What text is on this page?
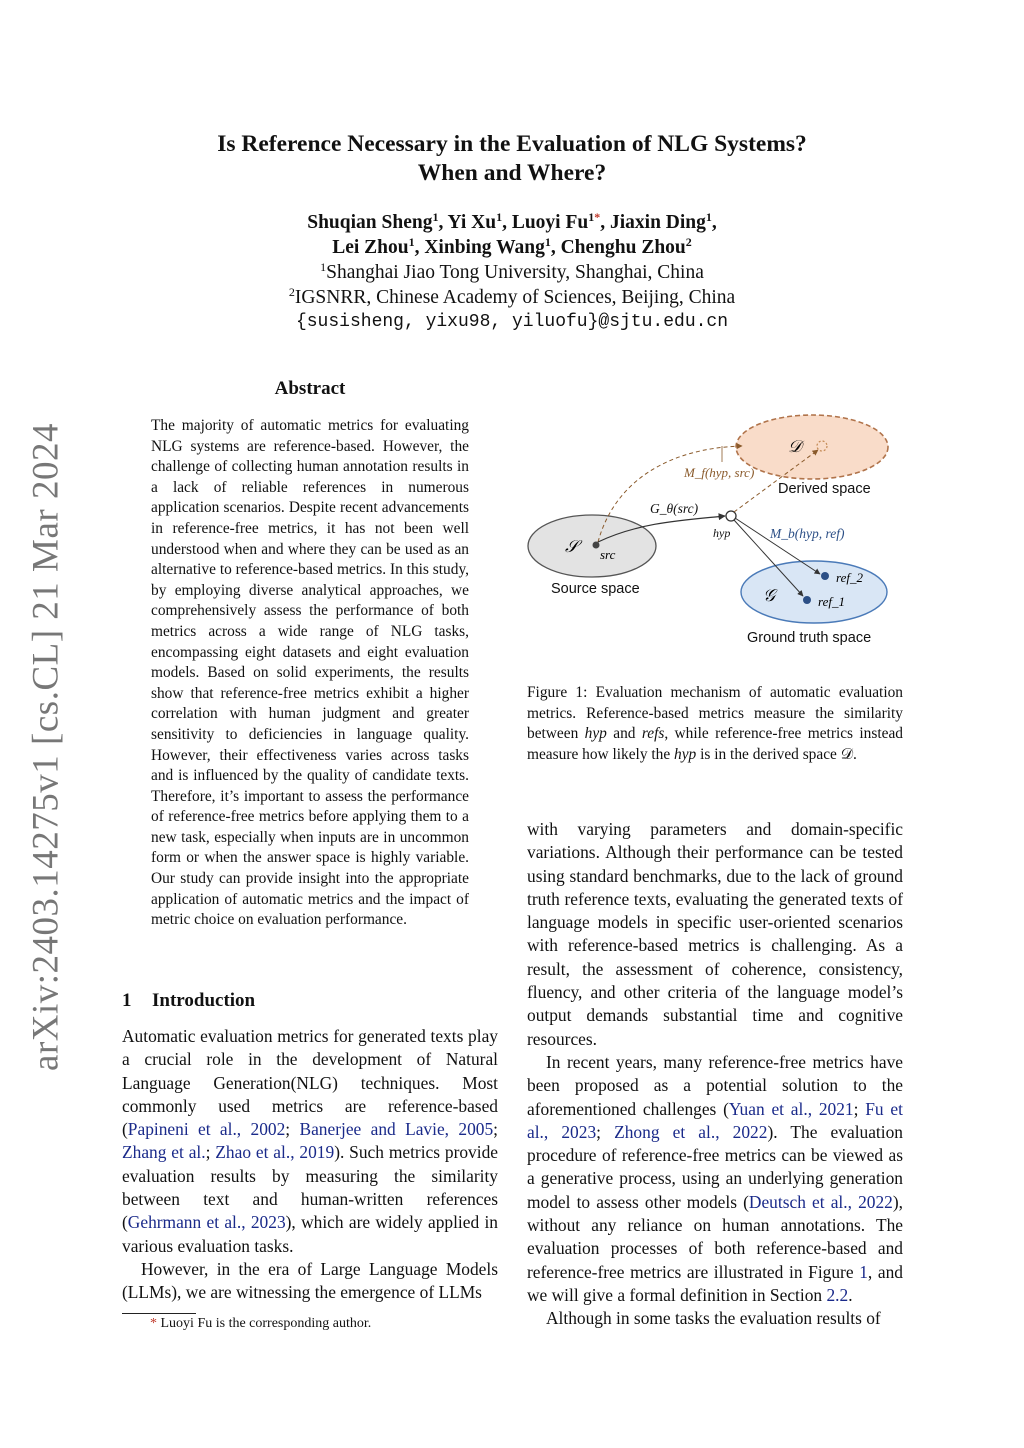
arXiv:2403.14275v1 [cs.CL] 21 Mar 2024
Is Reference Necessary in the Evaluation of NLG Systems?
When and Where?
Shuqian Sheng$^1$, Yi Xu$^1$, Luoyi $Fu^{1*}$, Jiaxin Ding$^1$,
Lei Zhou$^1$, Xinbing Wang$^1$, Chenghu Zhou$^2$
$^1$Shanghai Jiao Tong University, Shanghai, China
$^2$IGSNRR, Chinese Academy of Sciences, Beijing, China
{susisheng, yixu98, yiluofu}@sjtu.edu.cn
Abstract
The majority of automatic metrics for evaluating NLG systems are reference-based. However, the challenge of collecting human annotation results in a lack of reliable references in numerous application scenarios. Despite recent advancements in reference-free metrics, it has not been well understood when and where they can be used as an alternative to reference-based metrics. In this study, by employing diverse analytical approaches, we comprehensively assess the performance of both metrics across a wide range of NLG tasks, encompassing eight datasets and eight evaluation models. Based on solid experiments, the results show that reference-free metrics exhibit a higher correlation with human judgment and greater sensitivity to deficiencies in language quality. However, their effectiveness varies across tasks and is influenced by the quality of candidate texts. Therefore, it’s important to assess the performance of reference-free metrics before applying them to a new task, especially when inputs are in uncommon form or when the answer space is highly variable. Our study can provide insight into the appropriate application of automatic metrics and the impact of metric choice on evaluation performance.
1 Introduction

Automatic evaluation metrics for generated texts play a crucial role in the development of Natural Language Generation(NLG) techniques. Most commonly used metrics are reference-based (Papineni et al., 2002; Banerjee and Lavie, 2005; Zhang et al.; Zhao et al., 2019). Such metrics provide evaluation results by measuring the similarity between text and human-written references (Gehrmann et al., 2023), which are widely applied in various evaluation tasks.

However, in the era of Large Language Models (LLMs), we are witnessing the emergence of LLMs

* Luoyi Fu is the corresponding author.
𝒟
Derived space
𝒮	src
Source space	𝒢
ref_2
ref_1
Ground truth space
M_f(hyp, src)
G_θ(src)
hyp	M_b(hyp, ref)
Figure 1: Evaluation mechanism of automatic evaluation metrics. Reference-based metrics measure the similarity between hyp and refs, while reference-free metrics instead measure how likely the hyp is in the derived space 𝒟.

with varying parameters and domain-specific variations. Although their performance can be tested using standard benchmarks, due to the lack of ground truth reference texts, evaluating the generated texts of language models in specific user-oriented scenarios with reference-based metrics is challenging. As a result, the assessment of coherence, consistency, fluency, and other criteria of the language model’s output demands substantial time and cognitive resources.

In recent years, many reference-free metrics have been proposed as a potential solution to the aforementioned challenges (Yuan et al., 2021; Fu et al., 2023; Zhong et al., 2022). The evaluation procedure of reference-free metrics can be viewed as a generative process, using an underlying generation model to assess other models (Deutsch et al., 2022), without any reliance on human annotations. The evaluation processes of both reference-based and reference-free metrics are illustrated in Figure 1, and we will give a formal definition in Section 2.2.

Although in some tasks the evaluation results of
